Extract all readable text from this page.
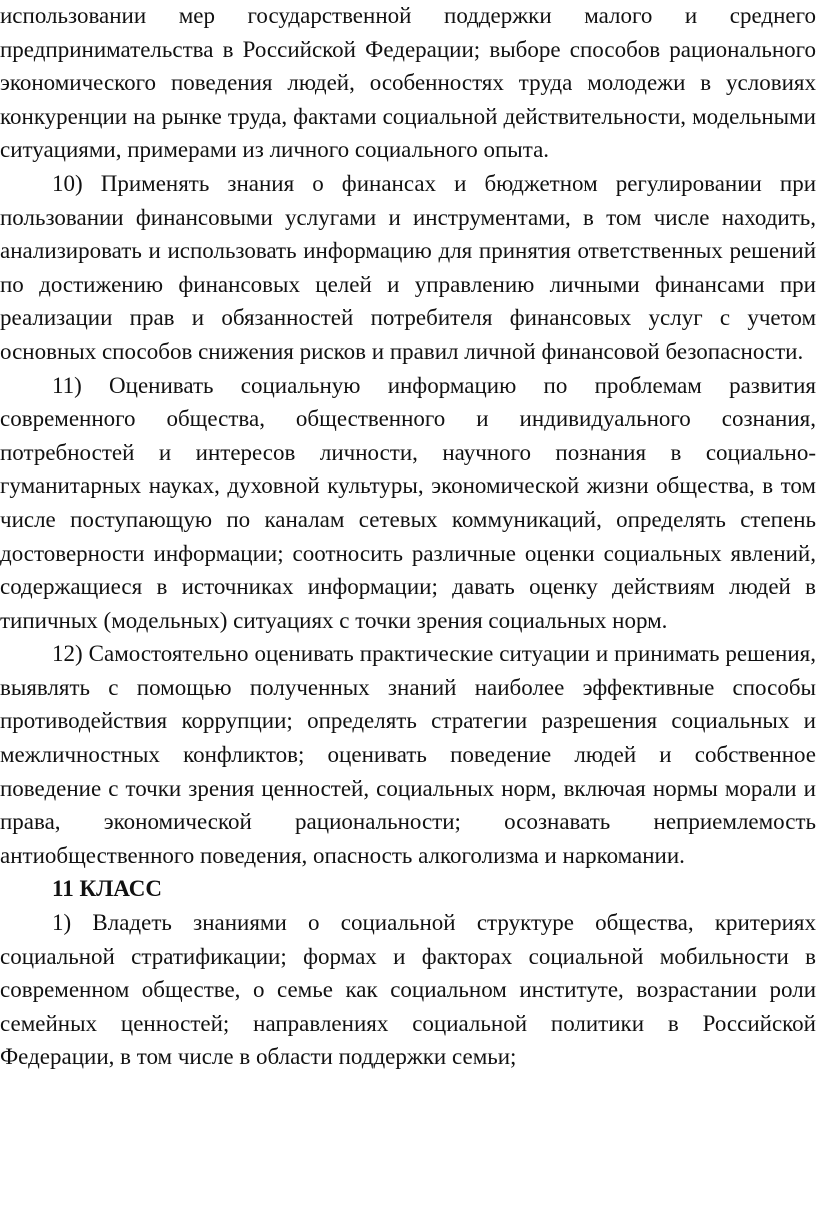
использовании мер государственной поддержки малого и среднего предпринимательства в Российской Федерации; выборе способов рационального экономического поведения людей, особенностях труда молодежи в условиях конкуренции на рынке труда, фактами социальной действительности, модельными ситуациями, примерами из личного социального опыта.

10) Применять знания о финансах и бюджетном регулировании при пользовании финансовыми услугами и инструментами, в том числе находить, анализировать и использовать информацию для принятия ответственных решений по достижению финансовых целей и управлению личными финансами при реализации прав и обязанностей потребителя финансовых услуг с учетом основных способов снижения рисков и правил личной финансовой безопасности.

11) Оценивать социальную информацию по проблемам развития современного общества, общественного и индивидуального сознания, потребностей и интересов личности, научного познания в социально-гуманитарных науках, духовной культуры, экономической жизни общества, в том числе поступающую по каналам сетевых коммуникаций, определять степень достоверности информации; соотносить различные оценки социальных явлений, содержащиеся в источниках информации; давать оценку действиям людей в типичных (модельных) ситуациях с точки зрения социальных норм.

12) Самостоятельно оценивать практические ситуации и принимать решения, выявлять с помощью полученных знаний наиболее эффективные способы противодействия коррупции; определять стратегии разрешения социальных и межличностных конфликтов; оценивать поведение людей и собственное поведение с точки зрения ценностей, социальных норм, включая нормы морали и права, экономической рациональности; осознавать неприемлемость антиобщественного поведения, опасность алкоголизма и наркомании.

11 КЛАСС

1) Владеть знаниями о социальной структуре общества, критериях социальной стратификации; формах и факторах социальной мобильности в современном обществе, о семье как социальном институте, возрастании роли семейных ценностей; направлениях социальной политики в Российской Федерации, в том числе в области поддержки семьи;
